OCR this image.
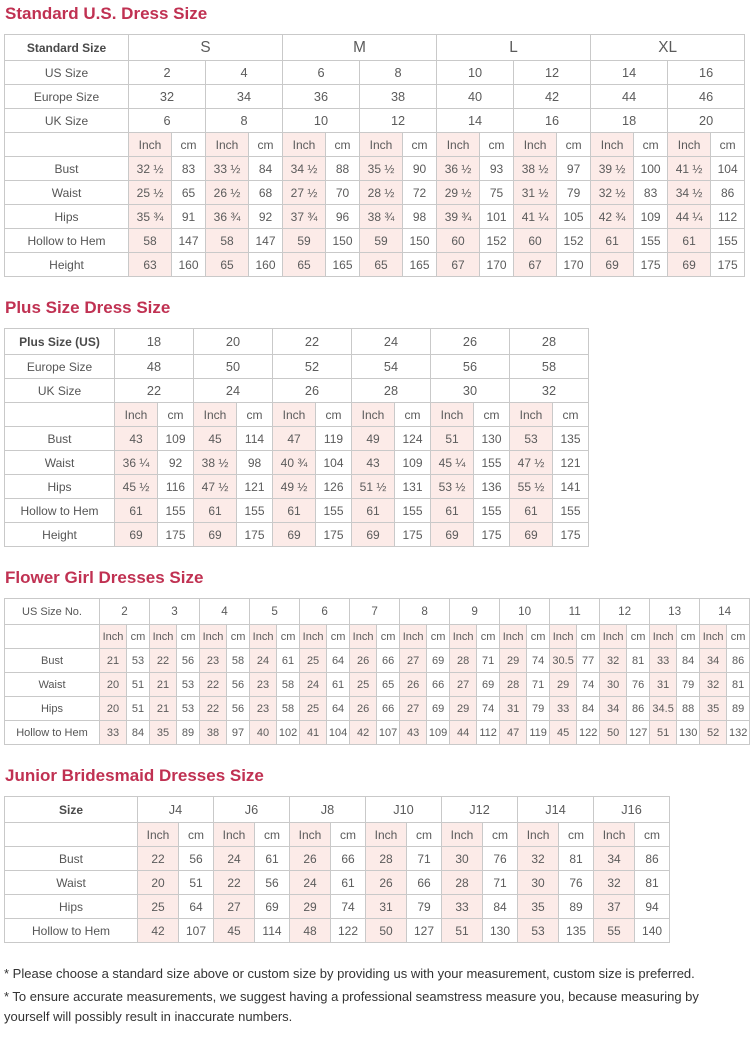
Standard U.S. Dress Size
Standard Size	S				M				L				XL			
US Size	2		4		6		8		10		12		14		16	
Europe Size	32		34		36		38		40		42		44		46	
UK Size	6		8		10		12		14		16		18		20	
	Inch	cm	Inch	cm	Inch	cm	Inch	cm	Inch	cm	Inch	cm	Inch	cm	Inch	cm
Bust	32 ½	83	33 ½	84	34 ½	88	35 ½	90	36 ½	93	38 ½	97	39 ½	100	41 ½	104
Waist	25 ½	65	26 ½	68	27 ½	70	28 ½	72	29 ½	75	31 ½	79	32 ½	83	34 ½	86
Hips	35 ¾	91	36 ¾	92	37 ¾	96	38 ¾	98	39 ¾	101	41 ¼	105	42 ¾	109	44 ¼	112
Hollow to Hem	58	147	58	147	59	150	59	150	60	152	60	152	61	155	61	155
Height	63	160	65	160	65	165	65	165	67	170	67	170	69	175	69	175
Plus Size Dress Size
Plus Size (US)	18		20		22		24		26		28	
Europe Size	48		50		52		54		56		58	
UK Size	22		24		26		28		30		32	
	Inch	cm	Inch	cm	Inch	cm	Inch	cm	Inch	cm	Inch	cm
Bust	43	109	45	114	47	119	49	124	51	130	53	135
Waist	36 ¼	92	38 ½	98	40 ¾	104	43	109	45 ¼	155	47 ½	121
Hips	45 ½	116	47 ½	121	49 ½	126	51 ½	131	53 ½	136	55 ½	141
Hollow to Hem	61	155	61	155	61	155	61	155	61	155	61	155
Height	69	175	69	175	69	175	69	175	69	175	69	175
Flower Girl Dresses Size
US Size No.	2		3		4		5		6		7		8		9		10		11		12		13		14	
	Inch	cm	Inch	cm	Inch	cm	Inch	cm	Inch	cm	Inch	cm	Inch	cm	Inch	cm	Inch	cm	Inch	cm	Inch	cm	Inch	cm	Inch	cm
Bust	21	53	22	56	23	58	24	61	25	64	26	66	27	69	28	71	29	74	30.5	77	32	81	33	84	34	86
Waist	20	51	21	53	22	56	23	58	24	61	25	65	26	66	27	69	28	71	29	74	30	76	31	79	32	81
Hips	20	51	21	53	22	56	23	58	25	64	26	66	27	69	29	74	31	79	33	84	34	86	34.5	88	35	89
Hollow to Hem	33	84	35	89	38	97	40	102	41	104	42	107	43	109	44	112	47	119	45	122	50	127	51	130	52	132
Junior Bridesmaid Dresses Size
Size	J4		J6		J8		J10		J12		J14		J16	
	Inch	cm	Inch	cm	Inch	cm	Inch	cm	Inch	cm	Inch	cm	Inch	cm
Bust	22	56	24	61	26	66	28	71	30	76	32	81	34	86
Waist	20	51	22	56	24	61	26	66	28	71	30	76	32	81
Hips	25	64	27	69	29	74	31	79	33	84	35	89	37	94
Hollow to Hem	42	107	45	114	48	122	50	127	51	130	53	135	55	140

* Please choose a standard size above or custom size by providing us with your measurement, custom size is preferred.

* To ensure accurate measurements, we suggest having a professional seamstress measure you, because measuring by yourself will possibly result in inaccurate numbers.
